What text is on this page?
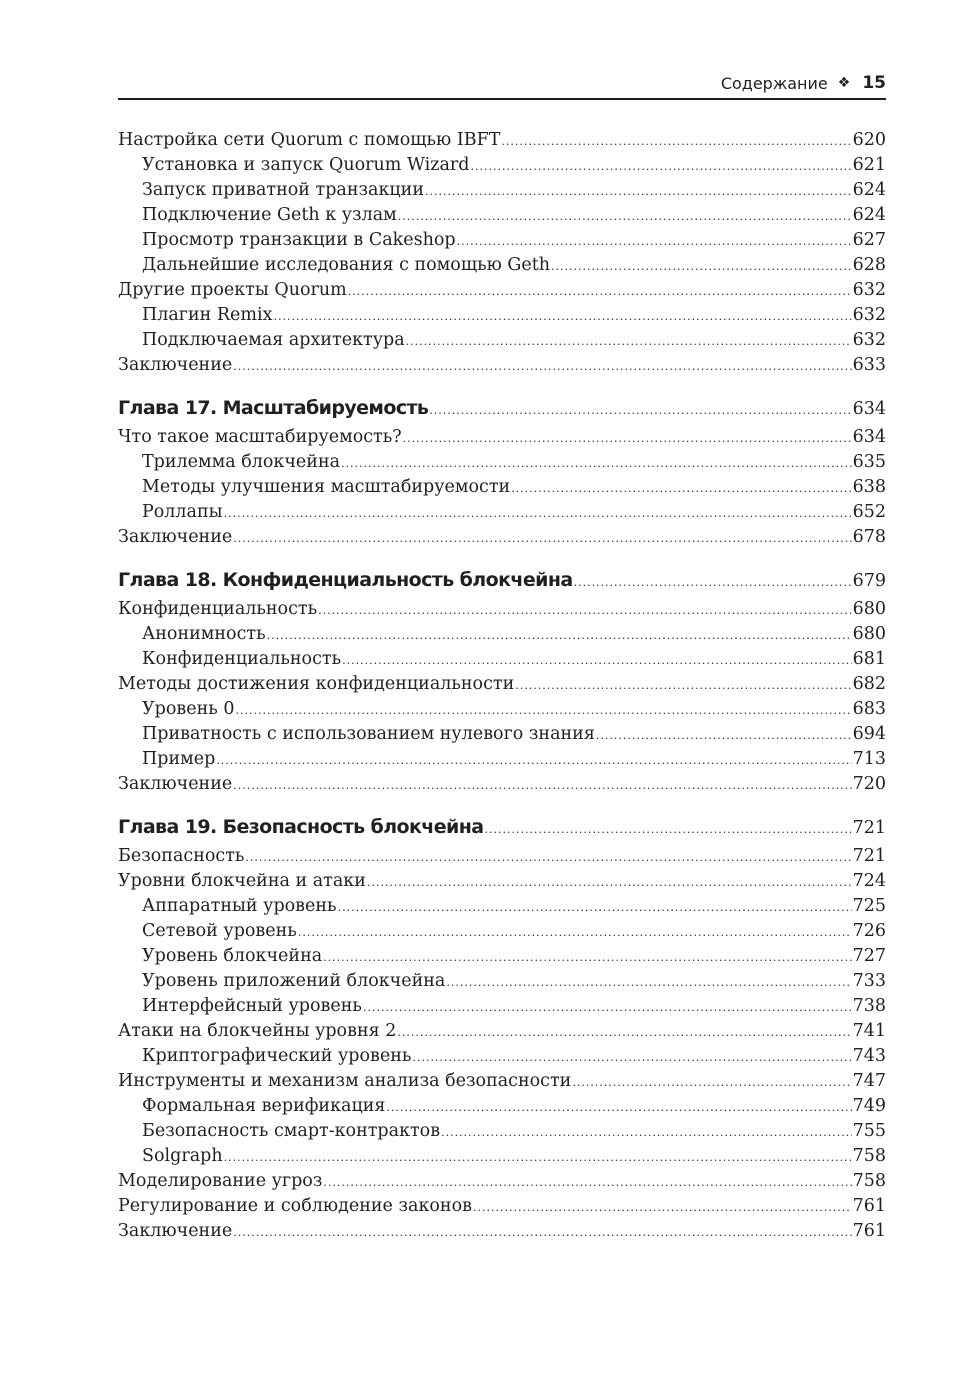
Содержание ❖ 15
Настройка сети Quorum с помощью IBFT .....	620
Установка и запуск Quorum Wizard .....	621
Запуск приватной транзакции .....	624
Подключение Geth к узлам .....	624
Просмотр транзакции в Cakeshop .....	627
Дальнейшие исследования с помощью Geth .....	628
Другие проекты Quorum .....	632
Плагин Remix .....	632
Подключаемая архитектура .....	632
Заключение .....	633
Глава 17. Масштабируемость .....	634
Что такое масштабируемость? .....	634
Трилемма блокчейна .....	635
Методы улучшения масштабируемости .....	638
Роллапы .....	652
Заключение .....	678
Глава 18. Конфиденциальность блокчейна .....	679
Конфиденциальность .....	680
Анонимность .....	680
Конфиденциальность .....	681
Методы достижения конфиденциальности .....	682
Уровень 0 .....	683
Приватность с использованием нулевого знания .....	694
Пример .....	713
Заключение .....	720
Глава 19. Безопасность блокчейна .....	721
Безопасность .....	721
Уровни блокчейна и атаки .....	724
Аппаратный уровень .....	725
Сетевой уровень .....	726
Уровень блокчейна .....	727
Уровень приложений блокчейна .....	733
Интерфейсный уровень .....	738
Атаки на блокчейны уровня 2 .....	741
Криптографический уровень .....	743
Инструменты и механизм анализа безопасности .....	747
Формальная верификация .....	749
Безопасность смарт-контрактов .....	755
Solgraph .....	758
Моделирование угроз .....	758
Регулирование и соблюдение законов .....	761
Заключение .....	761
